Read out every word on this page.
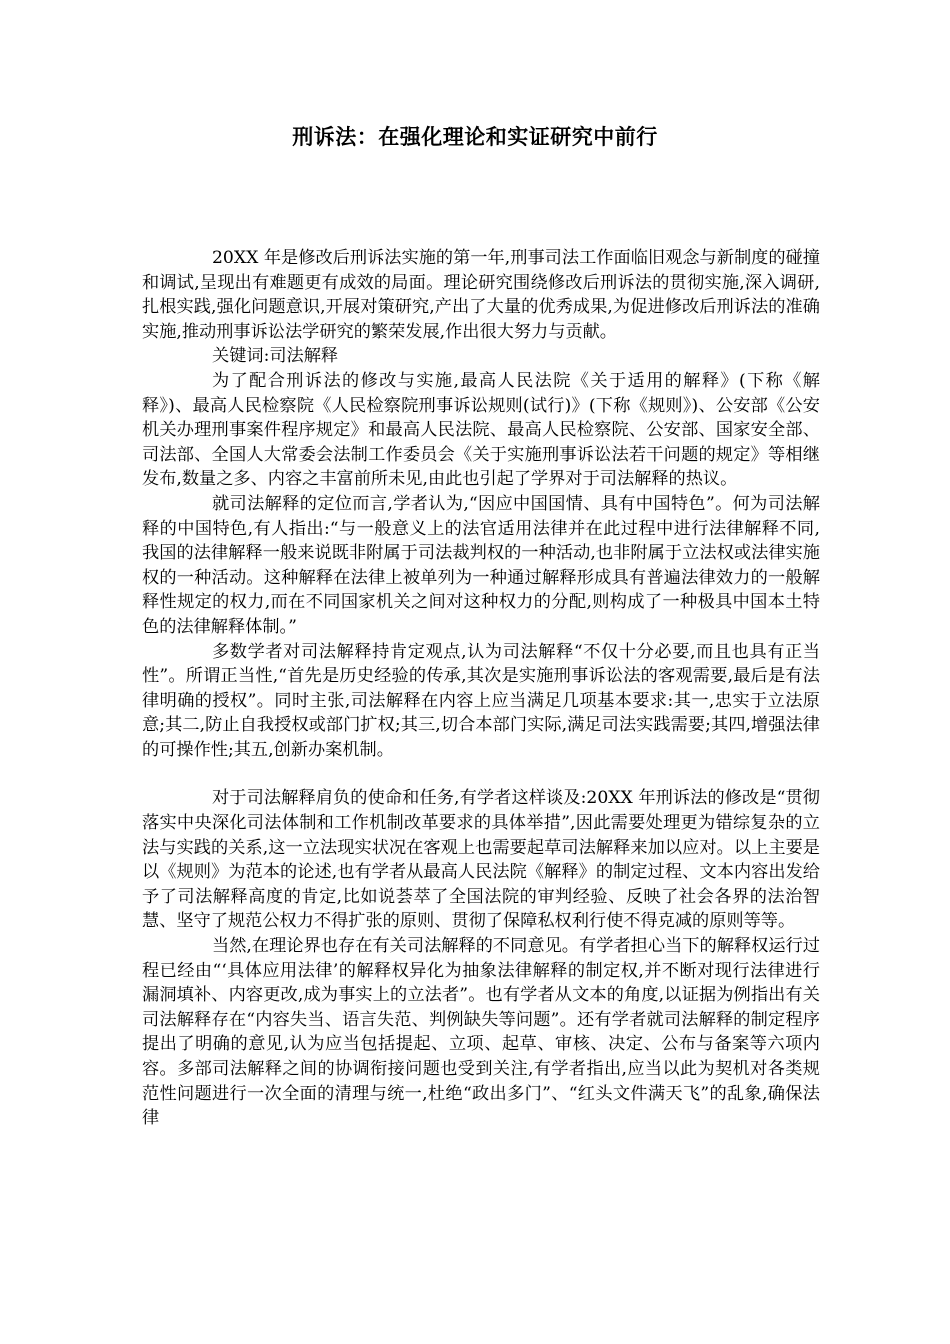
刑诉法：在强化理论和实证研究中前行

20XX 年是修改后刑诉法实施的第一年,刑事司法工作面临旧观念与新制度的碰撞和调试,呈现出有难题更有成效的局面。理论研究围绕修改后刑诉法的贯彻实施,深入调研,扎根实践,强化问题意识,开展对策研究,产出了大量的优秀成果,为促进修改后刑诉法的准确实施,推动刑事诉讼法学研究的繁荣发展,作出很大努力与贡献。

关键词:司法解释

为了配合刑诉法的修改与实施,最高人民法院《关于适用的解释》(下称《解释》)、最高人民检察院《人民检察院刑事诉讼规则(试行)》(下称《规则》)、公安部《公安机关办理刑事案件程序规定》和最高人民法院、最高人民检察院、公安部、国家安全部、司法部、全国人大常委会法制工作委员会《关于实施刑事诉讼法若干问题的规定》等相继发布,数量之多、内容之丰富前所未见,由此也引起了学界对于司法解释的热议。

就司法解释的定位而言,学者认为,“因应中国国情、具有中国特色”。何为司法解释的中国特色,有人指出:“与一般意义上的法官适用法律并在此过程中进行法律解释不同,我国的法律解释一般来说既非附属于司法裁判权的一种活动,也非附属于立法权或法律实施权的一种活动。这种解释在法律上被单列为一种通过解释形成具有普遍法律效力的一般解释性规定的权力,而在不同国家机关之间对这种权力的分配,则构成了一种极具中国本土特色的法律解释体制。”

多数学者对司法解释持肯定观点,认为司法解释“不仅十分必要,而且也具有正当性”。所谓正当性,“首先是历史经验的传承,其次是实施刑事诉讼法的客观需要,最后是有法律明确的授权”。同时主张,司法解释在内容上应当满足几项基本要求:其一,忠实于立法原意;其二,防止自我授权或部门扩权;其三,切合本部门实际,满足司法实践需要;其四,增强法律的可操作性;其五,创新办案机制。

对于司法解释肩负的使命和任务,有学者这样谈及:20XX 年刑诉法的修改是“贯彻落实中央深化司法体制和工作机制改革要求的具体举措”,因此需要处理更为错综复杂的立法与实践的关系,这一立法现实状况在客观上也需要起草司法解释来加以应对。以上主要是以《规则》为范本的论述,也有学者从最高人民法院《解释》的制定过程、文本内容出发给予了司法解释高度的肯定,比如说荟萃了全国法院的审判经验、反映了社会各界的法治智慧、坚守了规范公权力不得扩张的原则、贯彻了保障私权利行使不得克减的原则等等。

当然,在理论界也存在有关司法解释的不同意见。有学者担心当下的解释权运行过程已经由“‘具体应用法律’的解释权异化为抽象法律解释的制定权,并不断对现行法律进行漏洞填补、内容更改,成为事实上的立法者”。也有学者从文本的角度,以证据为例指出有关司法解释存在“内容失当、语言失范、判例缺失等问题”。还有学者就司法解释的制定程序提出了明确的意见,认为应当包括提起、立项、起草、审核、决定、公布与备案等六项内容。多部司法解释之间的协调衔接问题也受到关注,有学者指出,应当以此为契机对各类规范性问题进行一次全面的清理与统一,杜绝“政出多门”、“红头文件满天飞”的乱象,确保法律
